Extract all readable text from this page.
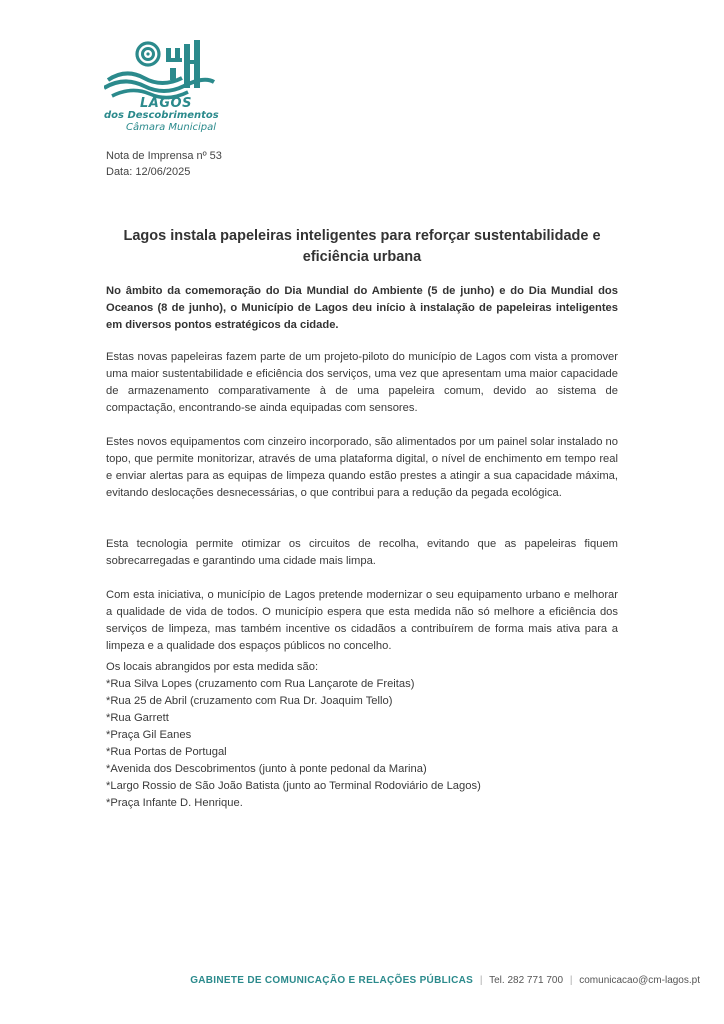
LAGOS
dos Descobrimentos
Câmara Municipal
Nota de Imprensa nº 53
Data: 12/06/2025
Lagos instala papeleiras inteligentes para reforçar sustentabilidade e eficiência urbana
No âmbito da comemoração do Dia Mundial do Ambiente (5 de junho) e do Dia Mundial dos Oceanos (8 de junho), o Município de Lagos deu início à instalação de papeleiras inteligentes em diversos pontos estratégicos da cidade.

Estas novas papeleiras fazem parte de um projeto-piloto do município de Lagos com vista a promover uma maior sustentabilidade e eficiência dos serviços, uma vez que apresentam uma maior capacidade de armazenamento comparativamente à de uma papeleira comum, devido ao sistema de compactação, encontrando-se ainda equipadas com sensores.

Estes novos equipamentos com cinzeiro incorporado, são alimentados por um painel solar instalado no topo, que permite monitorizar, através de uma plataforma digital, o nível de enchimento em tempo real e enviar alertas para as equipas de limpeza quando estão prestes a atingir a sua capacidade máxima, evitando deslocações desnecessárias, o que contribui para a redução da pegada ecológica.

Esta tecnologia permite otimizar os circuitos de recolha, evitando que as papeleiras fiquem sobrecarregadas e garantindo uma cidade mais limpa.

Com esta iniciativa, o município de Lagos pretende modernizar o seu equipamento urbano e melhorar a qualidade de vida de todos. O município espera que esta medida não só melhore a eficiência dos serviços de limpeza, mas também incentive os cidadãos a contribuírem de forma mais ativa para a limpeza e a qualidade dos espaços públicos no concelho.

Os locais abrangidos por esta medida são:
*Rua Silva Lopes (cruzamento com Rua Lançarote de Freitas)
*Rua 25 de Abril (cruzamento com Rua Dr. Joaquim Tello)
*Rua Garrett
*Praça Gil Eanes
*Rua Portas de Portugal
*Avenida dos Descobrimentos (junto à ponte pedonal da Marina)
*Largo Rossio de São João Batista (junto ao Terminal Rodoviário de Lagos)
*Praça Infante D. Henrique.
GABINETE DE COMUNICAÇÃO E RELAÇÕES PÚBLICAS | Tel. 282 771 700 | comunicacao@cm-lagos.pt
